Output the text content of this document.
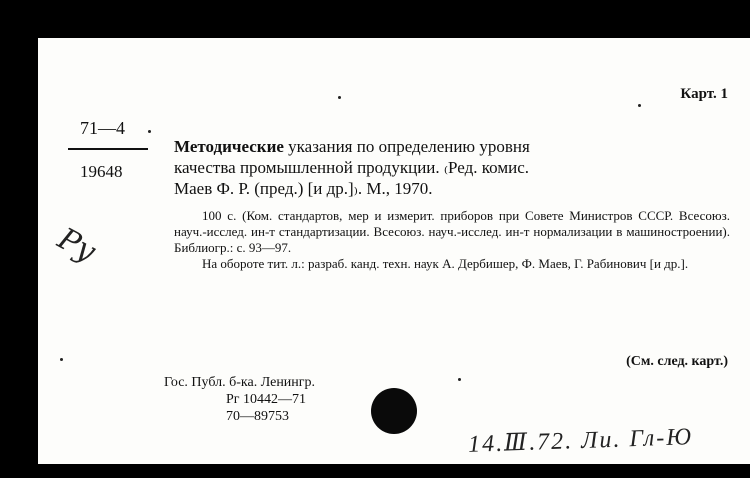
Карт. 1
71—4
19648
Методические указания по определению уровня
качества промышленной продукции. ₍Ред. комис.
Маев Ф. Р. (пред.) [и др.]₎. М., 1970.
100 с. (Ком. стандартов, мер и измерит. приборов при Совете Министров СССР. Всесоюз. науч.-исслед. ин-т стандартизации. Всесоюз. науч.-исслед. ин-т нормализации в машиностроении). Библиогр.: с. 93—97.
На обороте тит. л.: разраб. канд. техн. наук А. Дербишер, Ф. Маев, Г. Рабинович [и др.].
(См. след. карт.)
Гос. Публ. б-ка. Ленингр.
Рг 10442—71
70—89753
Ру
14.Ⅲ.72. Ли. Гл-Ю
